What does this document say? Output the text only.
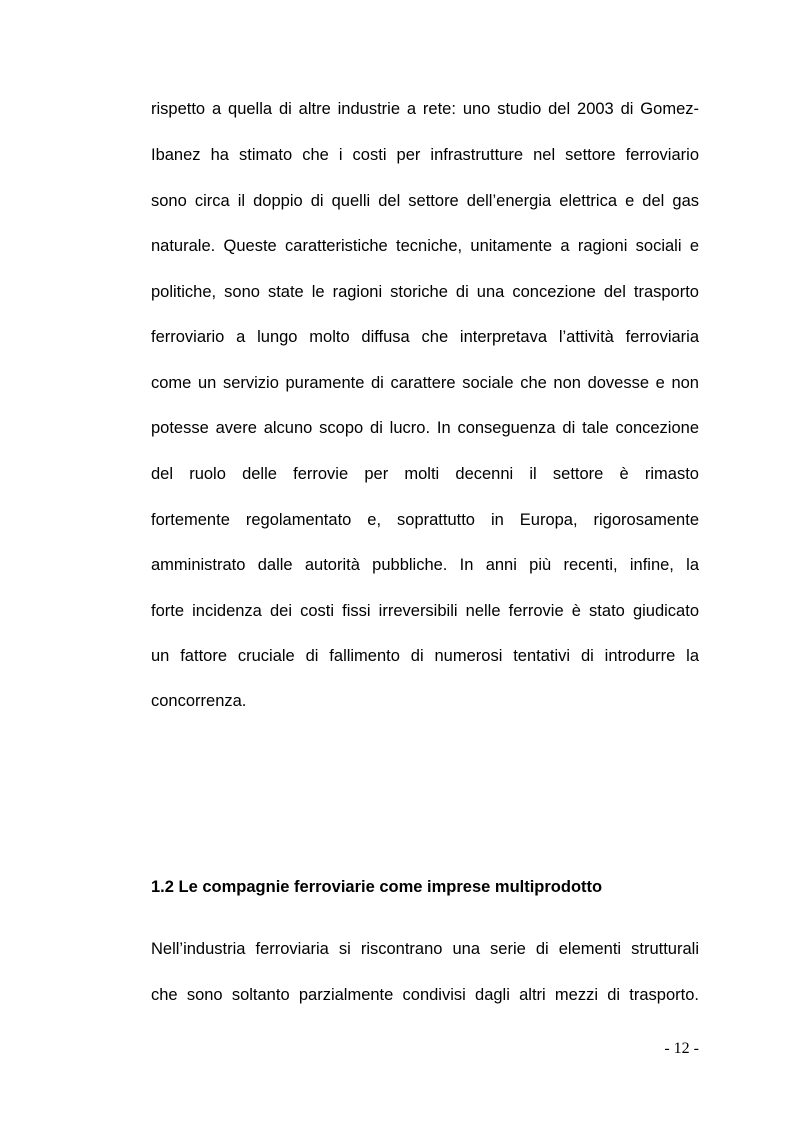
rispetto a quella di altre industrie a rete: uno studio del 2003 di Gomez-
Ibanez ha stimato che i costi per infrastrutture nel settore ferroviario
sono circa il doppio di quelli del settore dell’energia elettrica e del gas
naturale. Queste caratteristiche tecniche, unitamente a ragioni sociali e
politiche, sono state le ragioni storiche di una concezione del trasporto
ferroviario a lungo molto diffusa che interpretava l’attività ferroviaria
come un servizio puramente di carattere sociale che non dovesse e non
potesse avere alcuno scopo di lucro. In conseguenza di tale concezione
del ruolo delle ferrovie per molti decenni il settore è rimasto
fortemente regolamentato e, soprattutto in Europa, rigorosamente
amministrato dalle autorità pubbliche. In anni più recenti, infine, la
forte incidenza dei costi fissi irreversibili nelle ferrovie è stato giudicato
un fattore cruciale di fallimento di numerosi tentativi di introdurre la
concorrenza.
1.2 Le compagnie ferroviarie come imprese multiprodotto
Nell’industria ferroviaria si riscontrano una serie di elementi strutturali
che sono soltanto parzialmente condivisi dagli altri mezzi di trasporto.
- 12 -
